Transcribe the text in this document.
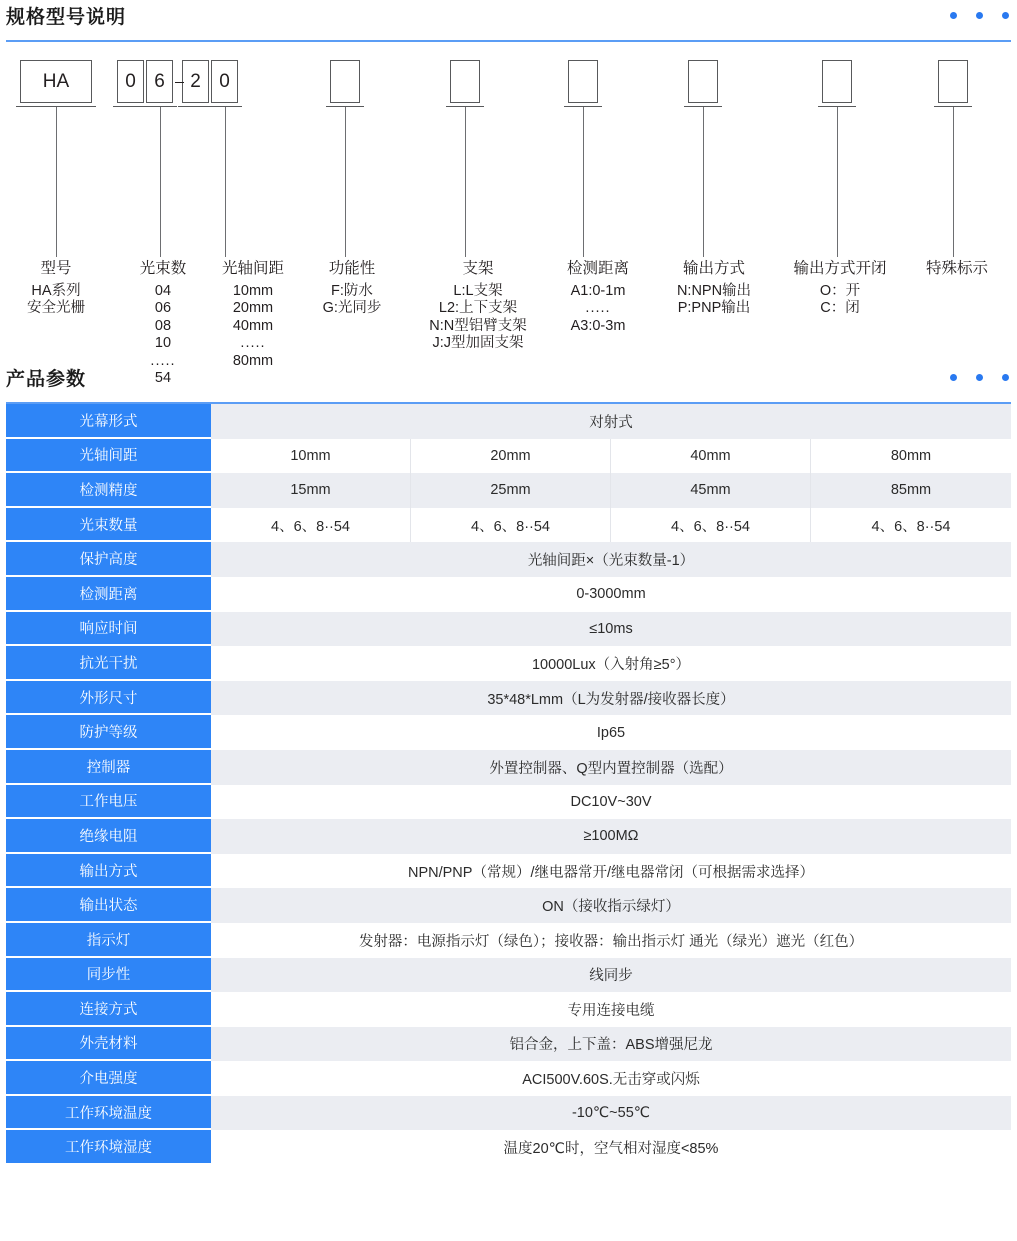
规格型号说明
HA	0 6	2 0
型号
HA系列
安全光栅
光束数
04
06
08
10
.....
54
光轴间距
10mm
20mm
40mm
.....
80mm
功能性
F:防水
G:光同步
支架
L:L支架
L2:上下支架
N:N型铝臂支架
J:J型加固支架
检测距离
A1:0-1m
.....
A3:0-3m
输出方式
N:NPN输出
P:PNP输出
输出方式开闭
O：开
C：闭
特殊标示
产品参数
光幕形式	对射式			
光轴间距	10mm	20mm	40mm	80mm
检测精度	15mm	25mm	45mm	85mm
光束数量	4、6、8··54	4、6、8··54	4、6、8··54	4、6、8··54
保护高度	光轴间距×（光束数量-1）			
检测距离	0-3000mm			
响应时间	≤10ms			
抗光干扰	10000Lux（入射角≥5°）			
外形尺寸	35*48*Lmm（L为发射器/接收器长度）			
防护等级	Ip65			
控制器	外置控制器、Q型内置控制器（选配）			
工作电压	DC10V~30V			
绝缘电阻	≥100MΩ			
输出方式	NPN/PNP（常规）/继电器常开/继电器常闭（可根据需求选择）			
输出状态	ON（接收指示绿灯）			
指示灯	发射器：电源指示灯（绿色）；接收器：输出指示灯 通光（绿光）遮光（红色）			
同步性	线同步			
连接方式	专用连接电缆			
外壳材料	铝合金，上下盖：ABS增强尼龙			
介电强度	ACI500V.60S.无击穿或闪烁			
工作环境温度	-10℃~55℃			
工作环境湿度	温度20℃时，空气相对湿度<85%			
